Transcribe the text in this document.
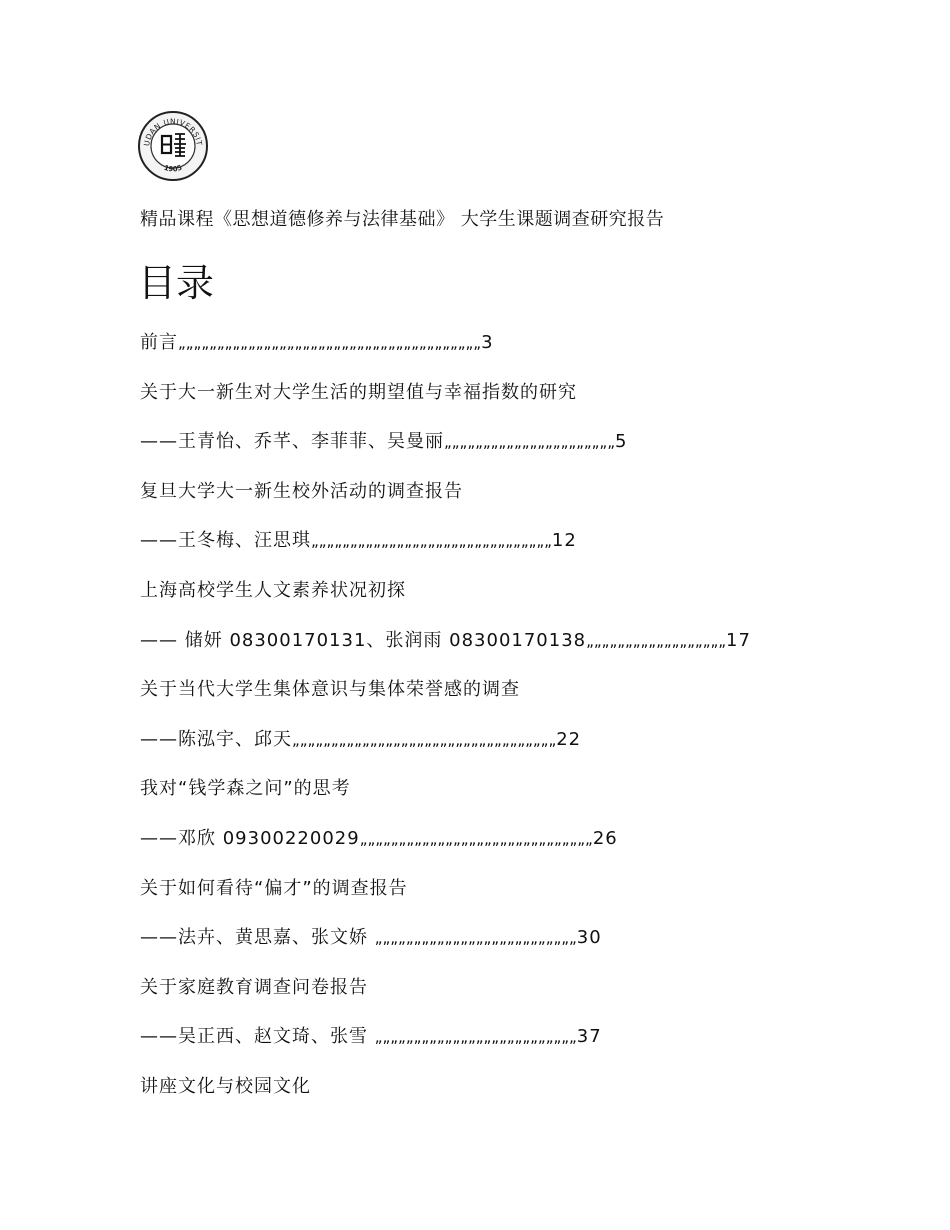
UDAN UNIVERSIT
1905
精品课程《思想道德修养与法律基础》 大学生课题调查研究报告
目录
前言„„„„„„„„„„„„„„„„„„„„„„„„„„„„„„„„„„„„„„„3
关于大一新生对大学生活的期望值与幸福指数的研究
——王青怡、乔芊、李菲菲、吴曼丽„„„„„„„„„„„„„„„„„„„„„„5
复旦大学大一新生校外活动的调查报告
——王冬梅、汪思琪„„„„„„„„„„„„„„„„„„„„„„„„„„„„„„„12
上海高校学生人文素养状况初探
—— 储妍 08300170131、张润雨 08300170138„„„„„„„„„„„„„„„„„„17
关于当代大学生集体意识与集体荣誉感的调查
——陈泓宇、邱天„„„„„„„„„„„„„„„„„„„„„„„„„„„„„„„„„„22
我对“钱学森之问”的思考
——邓欣 09300220029„„„„„„„„„„„„„„„„„„„„„„„„„„„„„„26
关于如何看待“偏才”的调查报告
——法卉、黄思嘉、张文娇 „„„„„„„„„„„„„„„„„„„„„„„„„„30
关于家庭教育调查问卷报告
——吴正西、赵文琦、张雪 „„„„„„„„„„„„„„„„„„„„„„„„„„37
讲座文化与校园文化
